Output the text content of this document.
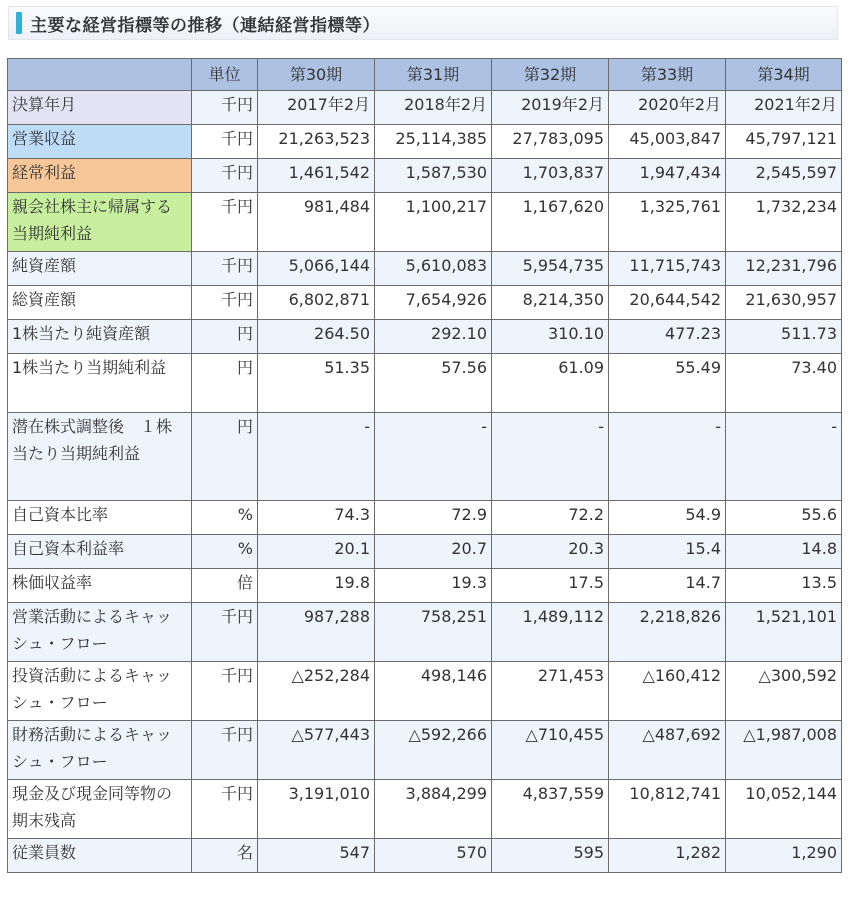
主要な経営指標等の推移（連結経営指標等）
	単位	第30期	第31期	第32期	第33期	第34期
決算年月	千円	2017年2月	2018年2月	2019年2月	2020年2月	2021年2月
営業収益	千円	21,263,523	25,114,385	27,783,095	45,003,847	45,797,121
経常利益	千円	1,461,542	1,587,530	1,703,837	1,947,434	2,545,597
親会社株主に帰属する当期純利益	千円	981,484	1,100,217	1,167,620	1,325,761	1,732,234
純資産額	千円	5,066,144	5,610,083	5,954,735	11,715,743	12,231,796
総資産額	千円	6,802,871	7,654,926	8,214,350	20,644,542	21,630,957
1株当たり純資産額	円	264.50	292.10	310.10	477.23	511.73
1株当たり当期純利益	円	51.35	57.56	61.09	55.49	73.40
潜在株式調整後　１株当たり当期純利益	円	-	-	-	-	-
自己資本比率	%	74.3	72.9	72.2	54.9	55.6
自己資本利益率	%	20.1	20.7	20.3	15.4	14.8
株価収益率	倍	19.8	19.3	17.5	14.7	13.5
営業活動によるキャッシュ・フロー	千円	987,288	758,251	1,489,112	2,218,826	1,521,101
投資活動によるキャッシュ・フロー	千円	△252,284	498,146	271,453	△160,412	△300,592
財務活動によるキャッシュ・フロー	千円	△577,443	△592,266	△710,455	△487,692	△1,987,008
現金及び現金同等物の期末残高	千円	3,191,010	3,884,299	4,837,559	10,812,741	10,052,144
従業員数	名	547	570	595	1,282	1,290
